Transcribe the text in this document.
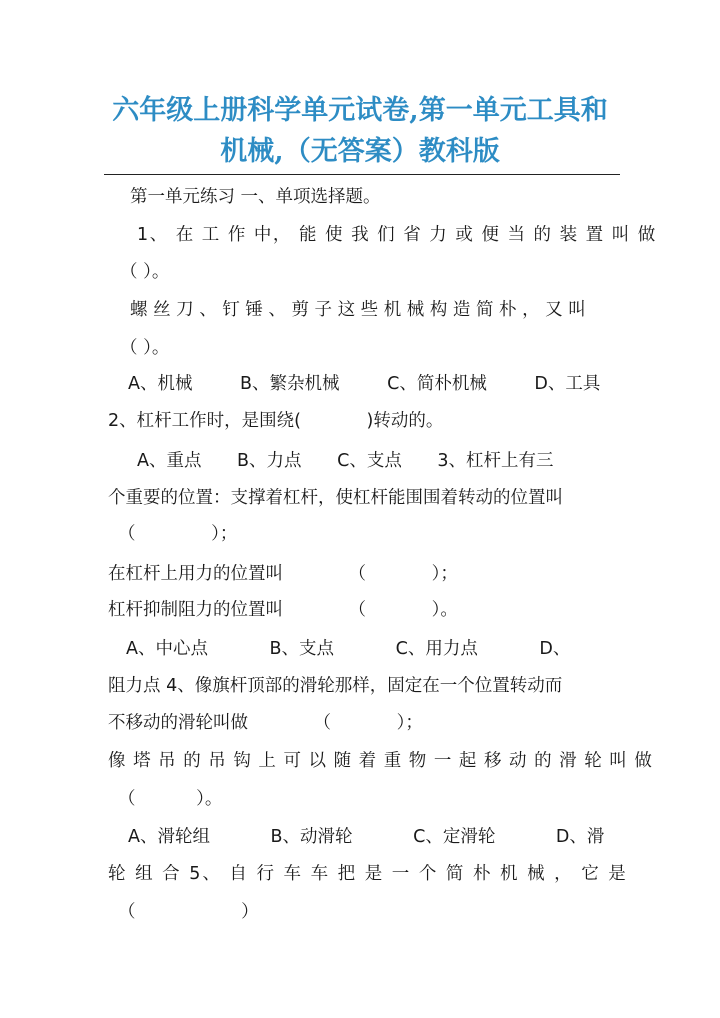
六年级上册科学单元试卷,第一单元工具和
机械,（无答案）教科版
第一单元练习 一、单项选择题。
1、 在 工 作 中， 能 使 我 们 省 力 或 便 当 的 装 置 叫 做
（ ）。
螺 丝 刀 、 钉 锤 、 剪 子 这 些 机 械 构 造 简 朴 ， 又 叫
（ ）。
A、机械 B、繁杂机械 C、简朴机械 D、工具
2、杠杆工作时，是围绕( )转动的。
A、重点 B、力点 C、支点 3、杠杆上有三
个重要的位置：支撑着杠杆，使杠杆能围围着转动的位置叫
（ ）；
在杠杆上用力的位置叫 （ ）；
杠杆抑制阻力的位置叫 （ ）。
A、中心点 B、支点 C、用力点 D、
阻力点 4、像旗杆顶部的滑轮那样，固定在一个位置转动而
不移动的滑轮叫做 （ ）；
像 塔 吊 的 吊 钩 上 可 以 随 着 重 物 一 起 移 动 的 滑 轮 叫 做
（ ）。
A、滑轮组 B、动滑轮 C、定滑轮 D、滑
轮 组 合 5、 自 行 车 车 把 是 一 个 简 朴 机 械 ， 它 是
（ ）
